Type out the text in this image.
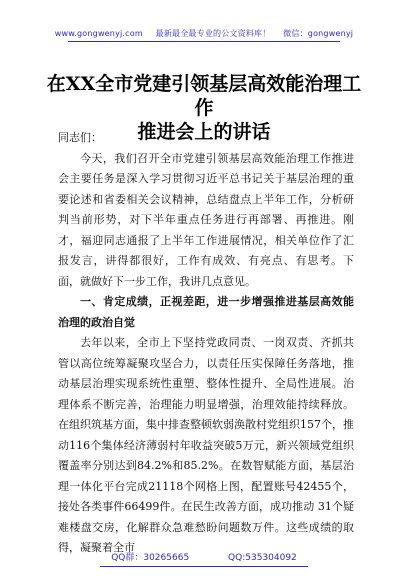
www.gongwenyj.com 最新最全最专业的公文资料库！ 微信：gongwenyj
在XX全市党建引领基层高效能治理工作
推进会上的讲话

同志们：

今天，我们召开全市党建引领基层高效能治理工作推进会主要任务是深入学习贯彻习近平总书记关于基层治理的重要论述和省委相关会议精神，总结盘点上半年工作，分析研判当前形势，对下半年重点任务进行再部署、再推进。刚才，福迎同志通报了上半年工作进展情况，相关单位作了汇报发言，讲得都很好，工作有成效、有亮点、有思考。下面，就做好下一步工作，我讲几点意见。

一、肯定成绩，正视差距，进一步增强推进基层高效能治理的政治自觉

去年以来，全市上下坚持党政同责、一岗双责、齐抓共管以高位统筹凝聚攻坚合力，以责任压实保障任务落地，推动基层治理实现系统性重塑、整体性提升、全局性进展。治理体系不断完善，治理能力明显增强，治理效能持续释放。在组织筑基方面，集中排查整顿软弱涣散村党组织157个，推动116个集体经济薄弱村年收益突破5万元，新兴领域党组织覆盖率分别达到84.2%和85.2%。在数智赋能方面，基层治理一体化平台完成21118个网格上图，配置账号42455个，接处各类事件66499件。在民生改善方面，成功推动 31个疑难楼盘交房，化解群众急难愁盼问题数万件。这些成绩的取得，凝聚着全市

QQ群：30265665	QQ:535304092
